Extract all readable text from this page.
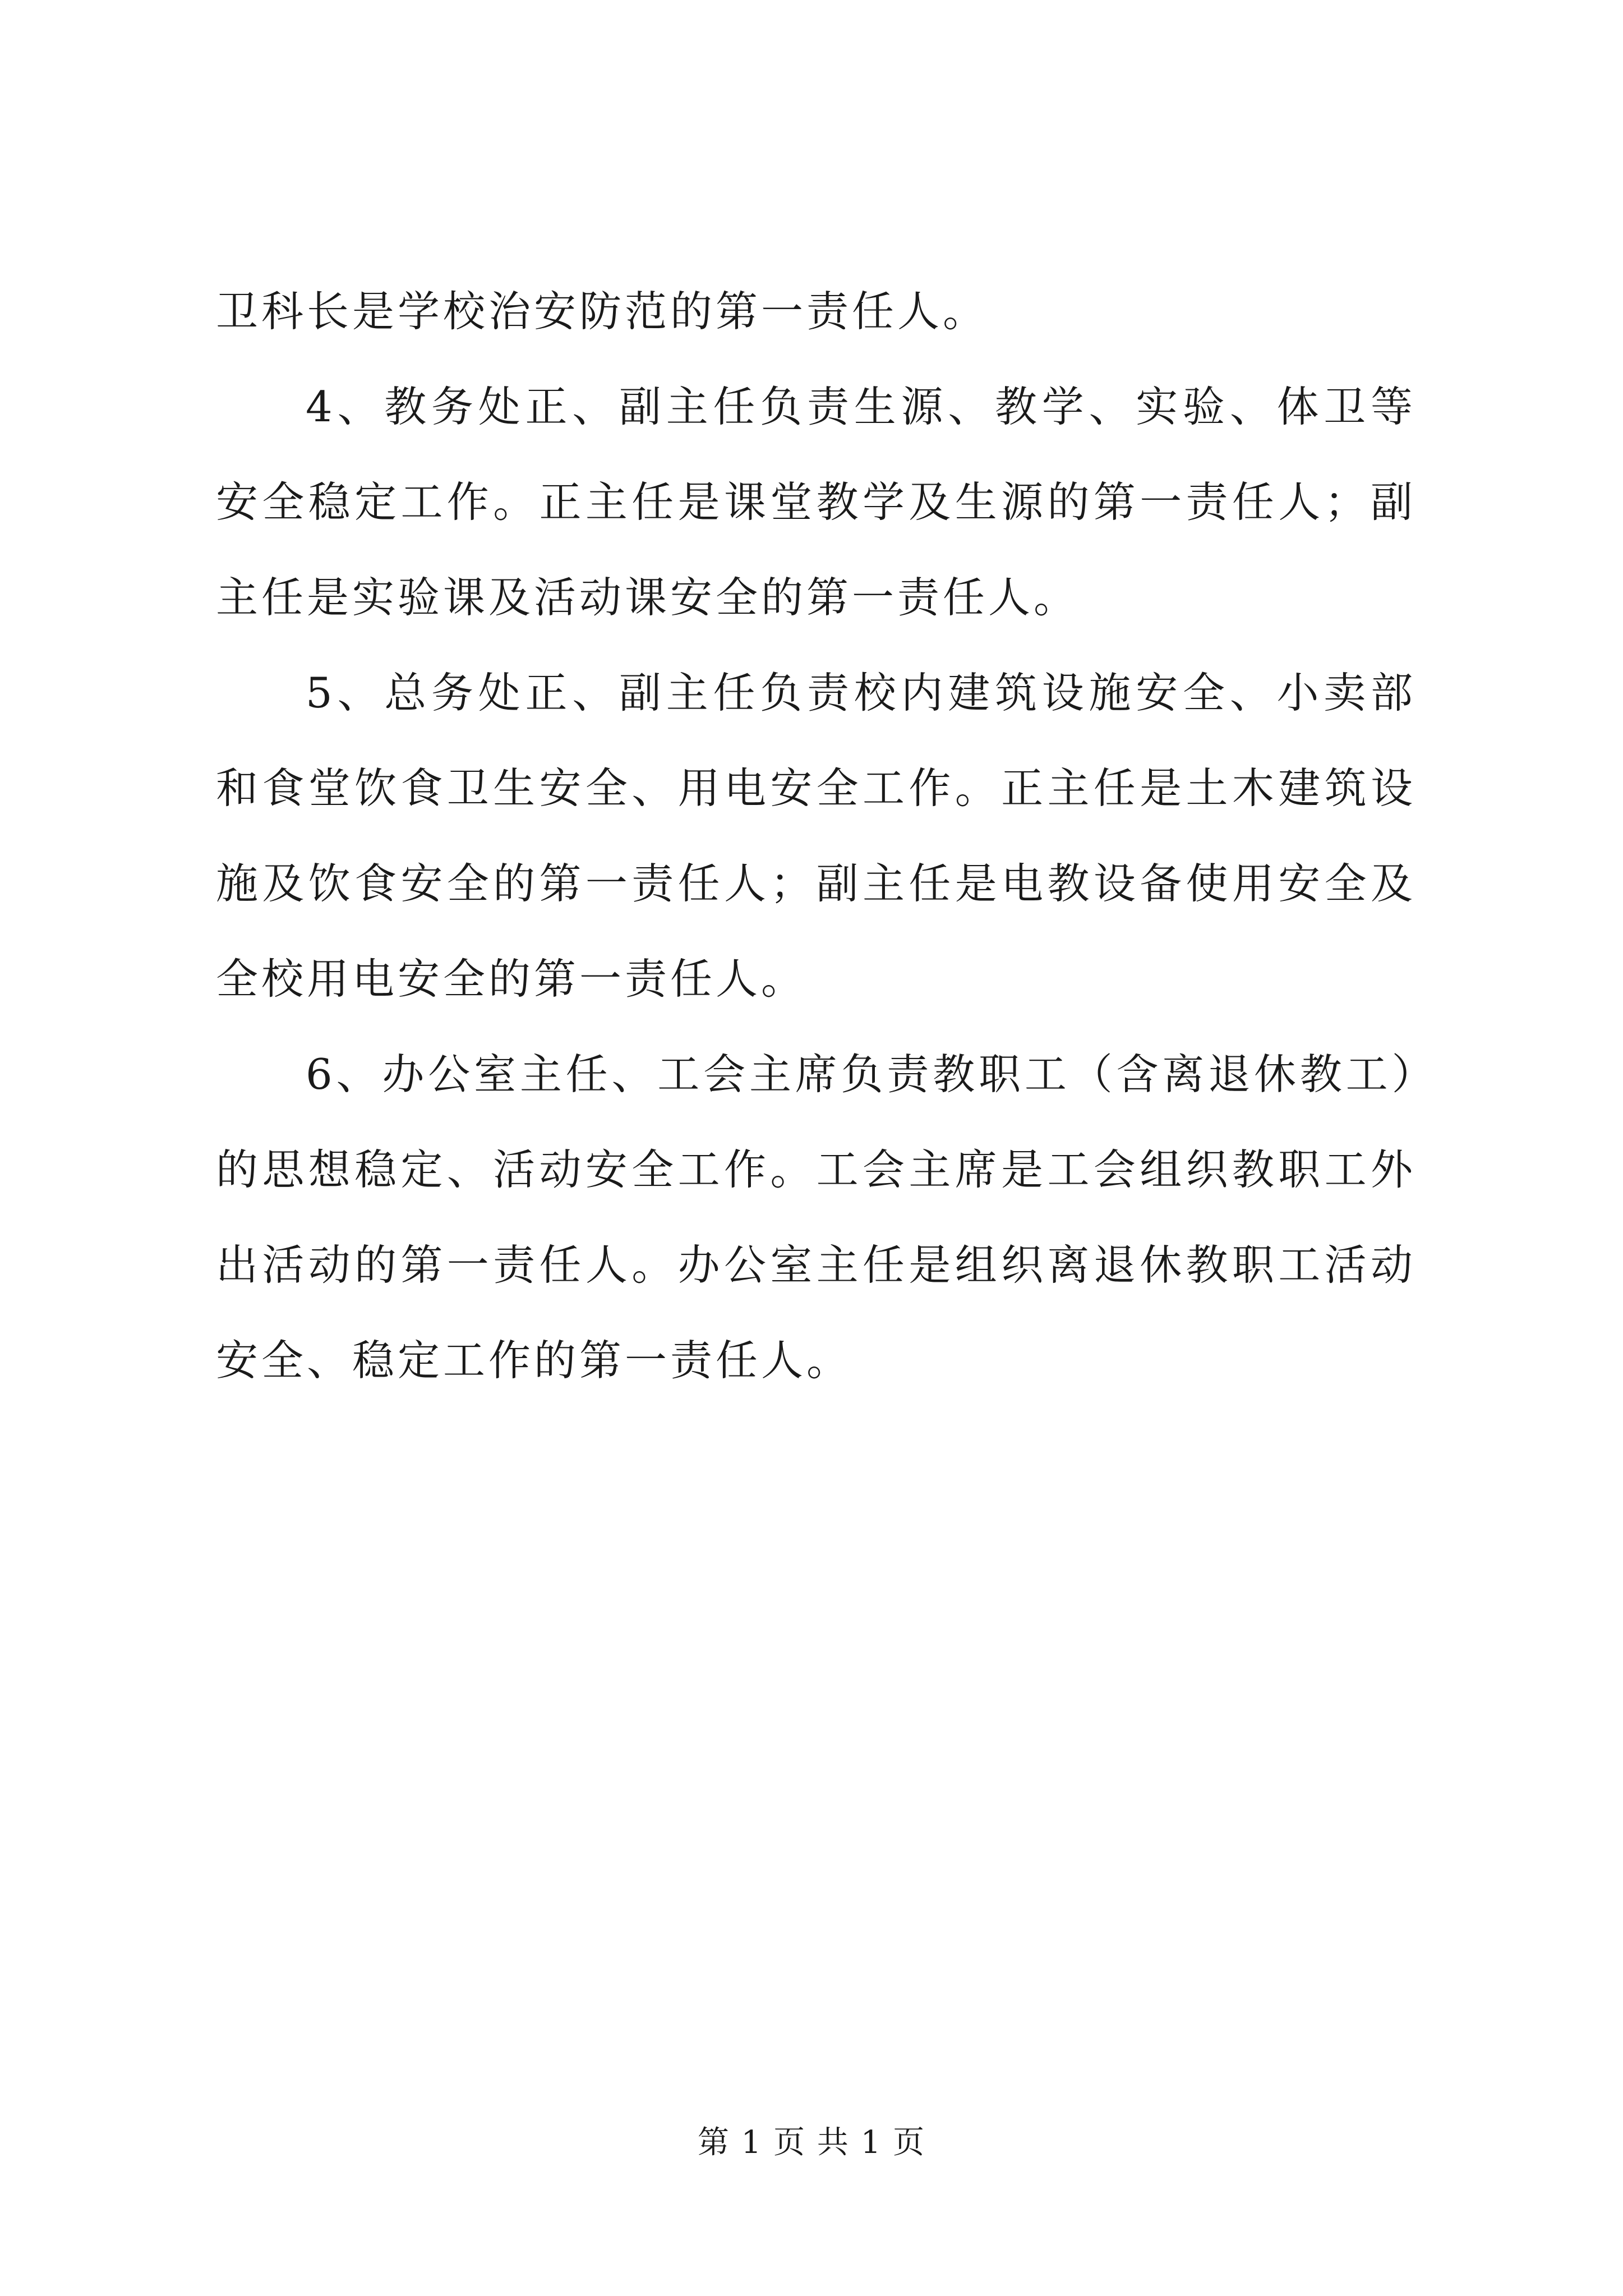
卫科长是学校治安防范的第一责任人。

4、教务处正、副主任负责生源、教学、实验、体卫等安全稳定工作。正主任是课堂教学及生源的第一责任人；副主任是实验课及活动课安全的第一责任人。

5、总务处正、副主任负责校内建筑设施安全、小卖部和食堂饮食卫生安全、用电安全工作。正主任是土木建筑设施及饮食安全的第一责任人；副主任是电教设备使用安全及全校用电安全的第一责任人。

6、办公室主任、工会主席负责教职工（含离退休教工）的思想稳定、活动安全工作。工会主席是工会组织教职工外出活动的第一责任人。办公室主任是组织离退休教职工活动安全、稳定工作的第一责任人。

第 1 页 共 1 页
